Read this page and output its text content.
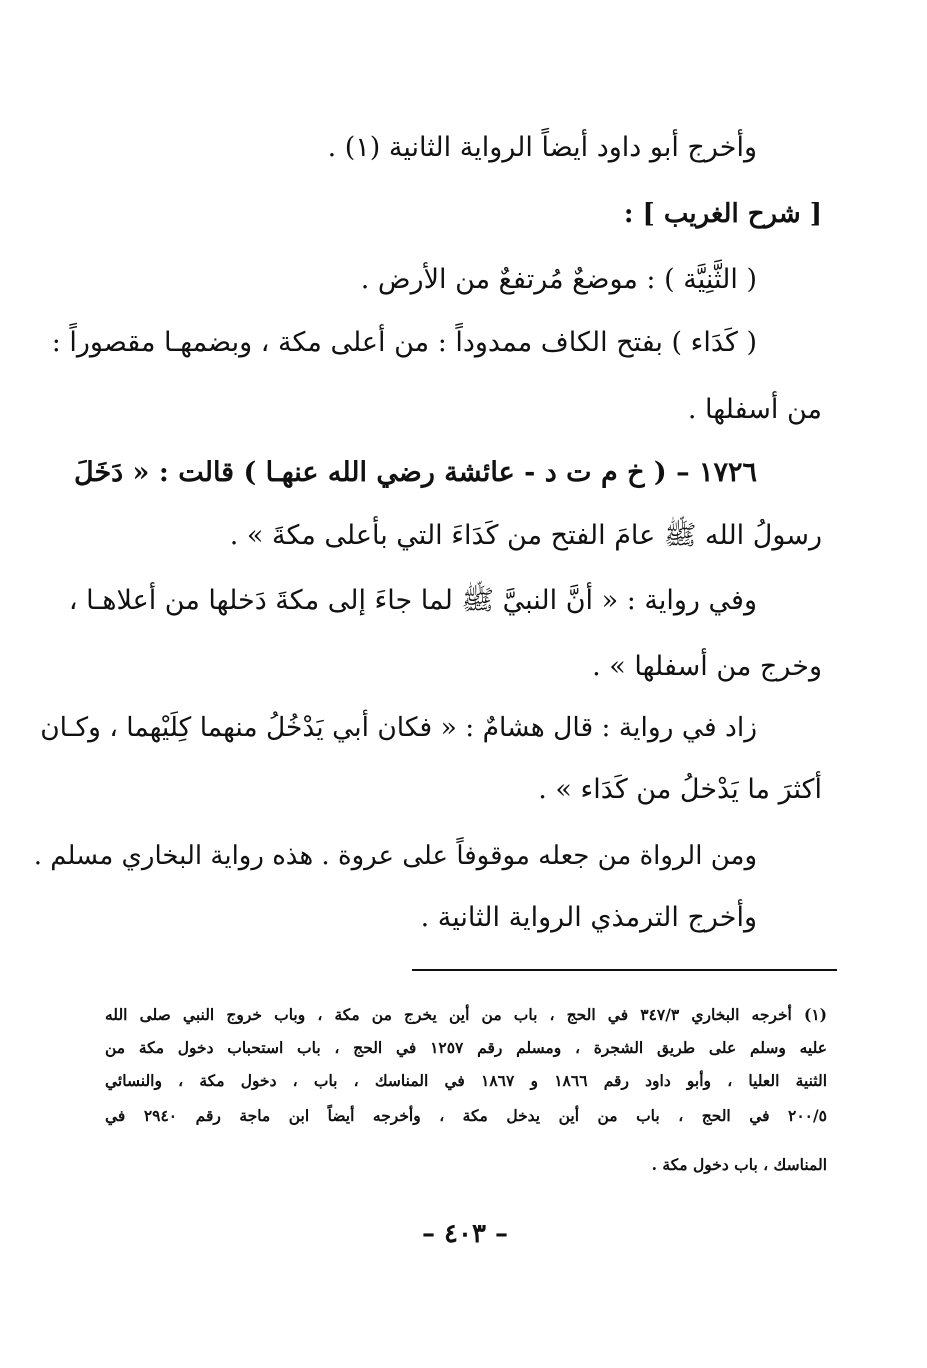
وأخرج أبو داود أيضاً الرواية الثانية (١) .
[ شرح الغريب ] :
( الثَّنِيَّة ) : موضعٌ مُرتفعٌ من الأرض .
( كَدَاء ) بفتح الكاف ممدوداً : من أعلى مكة ، وبضمهـا مقصوراً :
من أسفلها .
١٧٢٦ – ( خ م ت د - عائشة رضي الله عنهـا ) قالت : « دَخَلَ
رسولُ الله ﷺ عامَ الفتح من كَدَاءَ التي بأعلى مكةَ » .
وفي رواية : « أنَّ النبيَّ ﷺ لما جاءَ إلى مكةَ دَخلها من أعلاهـا ،
وخرج من أسفلها » .
زاد في رواية : قال هشامٌ : « فكان أبي يَدْخُلُ منهما كِلَيْهما ، وكـان
أكثرَ ما يَدْخلُ من كَدَاء » .
ومن الرواة من جعله موقوفاً على عروة . هذه رواية البخاري مسلم .
وأخرج الترمذي الرواية الثانية .
(١) أخرجه البخاري ٣٤٧/٣ في الحج ، باب من أين يخرج من مكة ، وباب خروج النبي صلى الله
عليه وسلم على طريق الشجرة ، ومسلم رقم ١٢٥٧ في الحج ، باب استحباب دخول مكة من
الثنية العليا ، وأبو داود رقم ١٨٦٦ و ١٨٦٧ في المناسك ، باب ، دخول مكة ، والنسائي
٢٠٠/٥ في الحج ، باب من أين يدخل مكة ، وأخرجه أيضاً ابن ماجة رقم ٢٩٤٠ في
المناسك ، باب دخول مكة .
– ٤٠٣ –
